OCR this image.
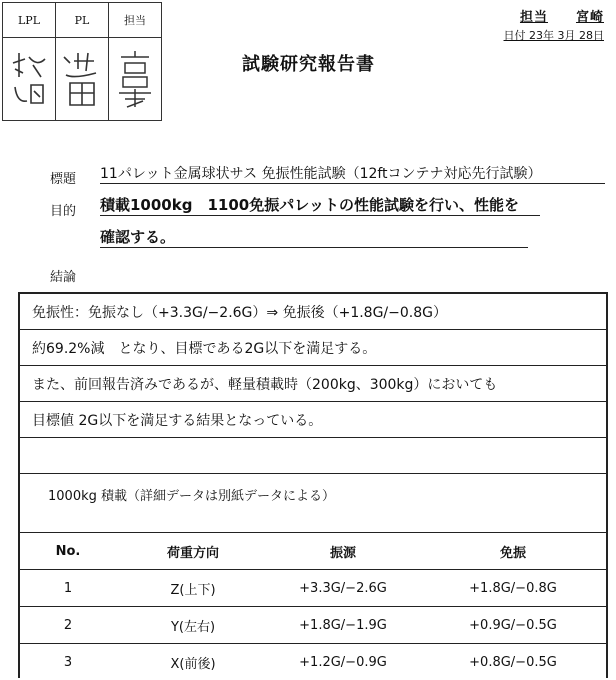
LPL	PL	担当

		担当 宮崎
日付 23年 3月 28日
試験研究報告書
標題 11パレット金属球状サス 免振性能試験（12ftコンテナ対応先行試験）
目的 積載1000kg　1100免振パレットの性能試験を行い、性能を
確認する。
結論
免振性：免振なし（+3.3G/−2.6G）⇒ 免振後（+1.8G/−0.8G）
約69.2%減　となり、目標である2G以下を満足する。
また、前回報告済みであるが、軽量積載時（200kg、300kg）においても
目標値 2G以下を満足する結果となっている。
1000kg 積載（詳細データは別紙データによる）
No.	荷重方向	振源	免振
1	Z(上下)	+3.3G/−2.6G	+1.8G/−0.8G
2	Y(左右)	+1.8G/−1.9G	+0.9G/−0.5G
3	X(前後)	+1.2G/−0.9G	+0.8G/−0.5G
